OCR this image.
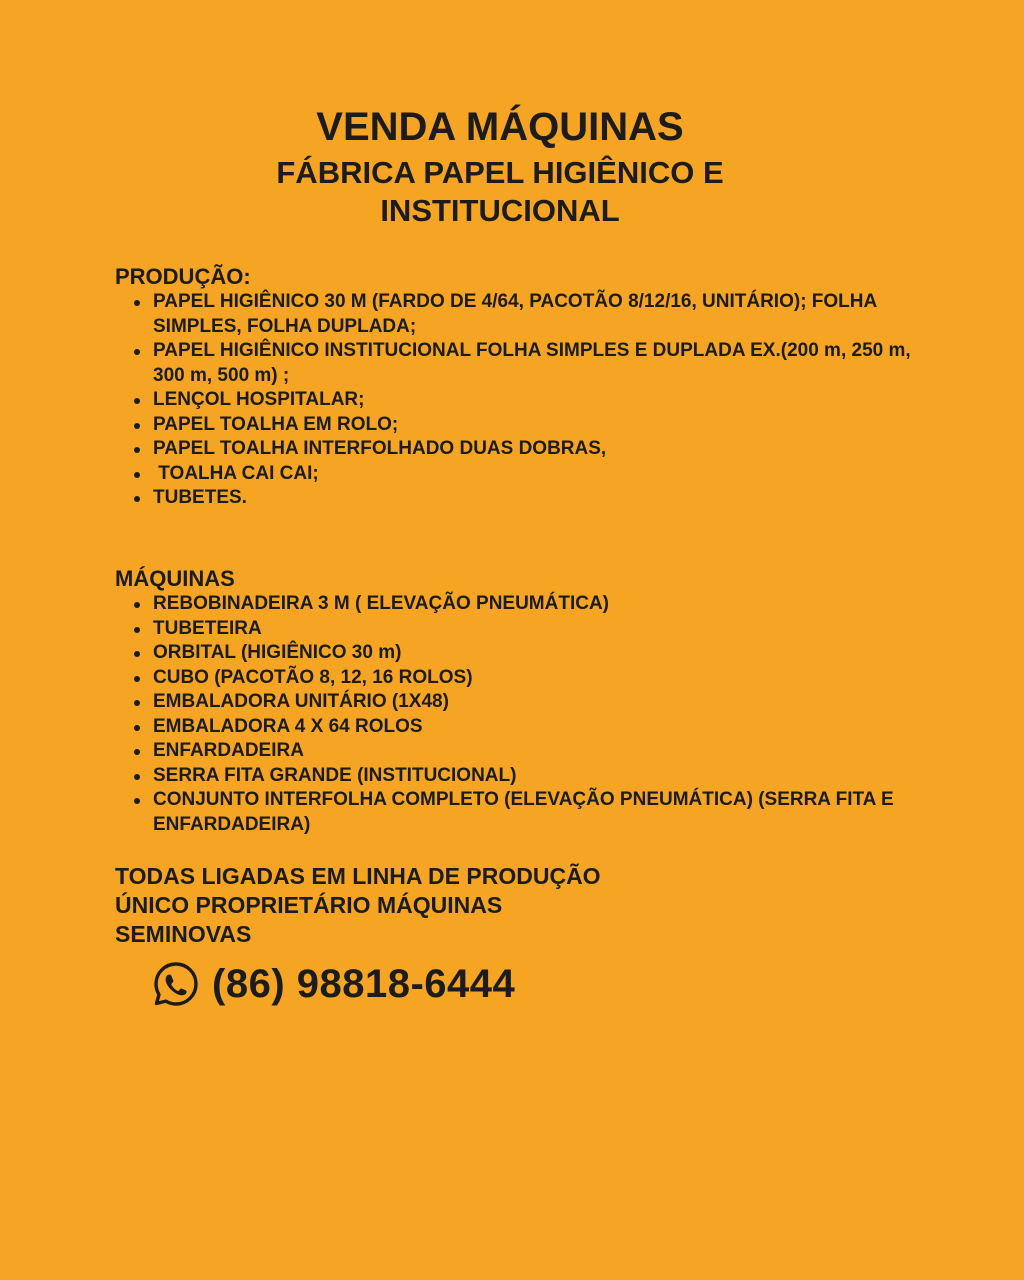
VENDA MÁQUINAS
FÁBRICA PAPEL HIGIÊNICO E INSTITUCIONAL
PRODUÇÃO:
PAPEL HIGIÊNICO 30 M (FARDO DE 4/64, PACOTÃO 8/12/16, UNITÁRIO); FOLHA SIMPLES, FOLHA DUPLADA;
PAPEL HIGIÊNICO INSTITUCIONAL FOLHA SIMPLES E DUPLADA EX.(200 m, 250 m, 300 m, 500 m) ;
LENÇOL HOSPITALAR;
PAPEL TOALHA EM ROLO;
PAPEL TOALHA INTERFOLHADO DUAS DOBRAS,
TOALHA CAI CAI;
TUBETES.
MÁQUINAS
REBOBINADEIRA 3 M ( ELEVAÇÃO PNEUMÁTICA)
TUBETEIRA
ORBITAL (HIGIÊNICO 30 m)
CUBO (PACOTÃO 8, 12, 16 ROLOS)
EMBALADORA UNITÁRIO (1X48)
EMBALADORA 4 X 64 ROLOS
ENFARDADEIRA
SERRA FITA GRANDE (INSTITUCIONAL)
CONJUNTO INTERFOLHA COMPLETO (ELEVAÇÃO PNEUMÁTICA) (SERRA FITA E ENFARDADEIRA)

TODAS LIGADAS EM LINHA DE PRODUÇÃO

ÚNICO PROPRIETÁRIO MÁQUINAS

SEMINOVAS

(86) 98818-6444
